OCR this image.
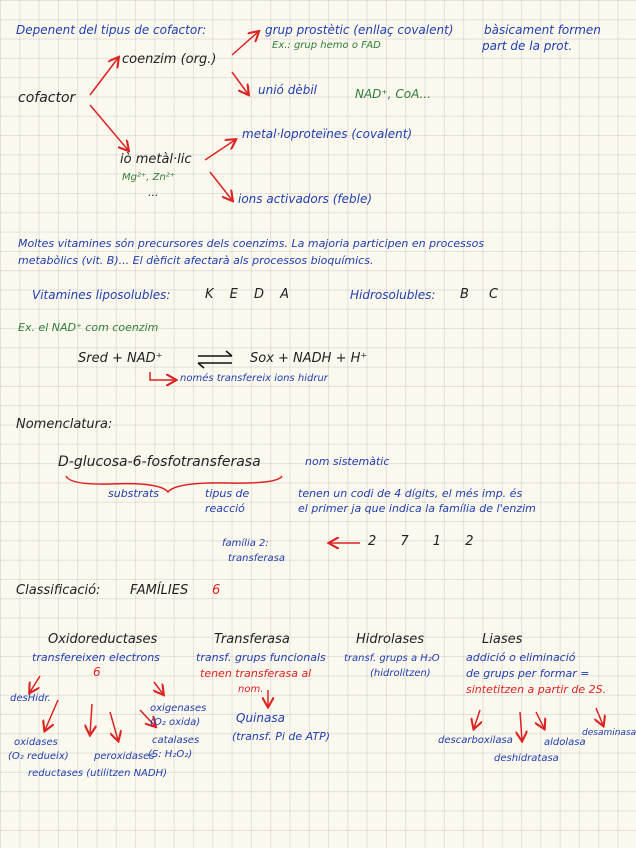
Depenent del tipus de cofactor:
cofactor
coenzim (org.)
grup prostètic (enllaç covalent)
Ex.: grup hemo o FAD
bàsicament formen
part de la prot.
unió dèbil	NAD⁺, CoA...
iò metàl·lic
Mg²⁺, Zn²⁺
...
metal·loproteïnes (covalent)
ions activadors (feble)
Moltes vitamines són precursores dels coenzims. La majoria participen en processos
metabòlics (vit. B)... El dèficit afectarà als processos bioquímics.
Vitamines liposolubles:	K E D A	Hidrosolubles: B C
Ex. el NAD⁺ com coenzim
Sred + NAD⁺	Sox + NADH + H⁺
només transfereix ions hidrur
Nomenclatura:
D-glucosa-6-fosfotransferasa	nom sistemàtic
substrats	tipus de
reacció
tenen un codi de 4 dígits, el més imp. és
el primer ja que indica la família de l'enzim
família 2:
transferasa
2 7 1 2
Classificació: FAMÍLIES 6
Oxidoreductases
transfereixen electrons
6
Transferasa
transf. grups funcionals
tenen transferasa al
nom.
Quinasa
(transf. Pi de ATP)
Hidrolases
transf. grups a H₂O
(hidrolitzen)
Liases
addició o eliminació
de grups per formar =
sintetitzen a partir de 2S.
desHidr.
oxigenases
(O₂ oxida)
oxidases
(O₂ redueix)	peroxidases
catalases
(S: H₂O₂)
reductases (utilitzen NADH)
descarboxilasa
deshidratasa
aldolasa
desaminasa
